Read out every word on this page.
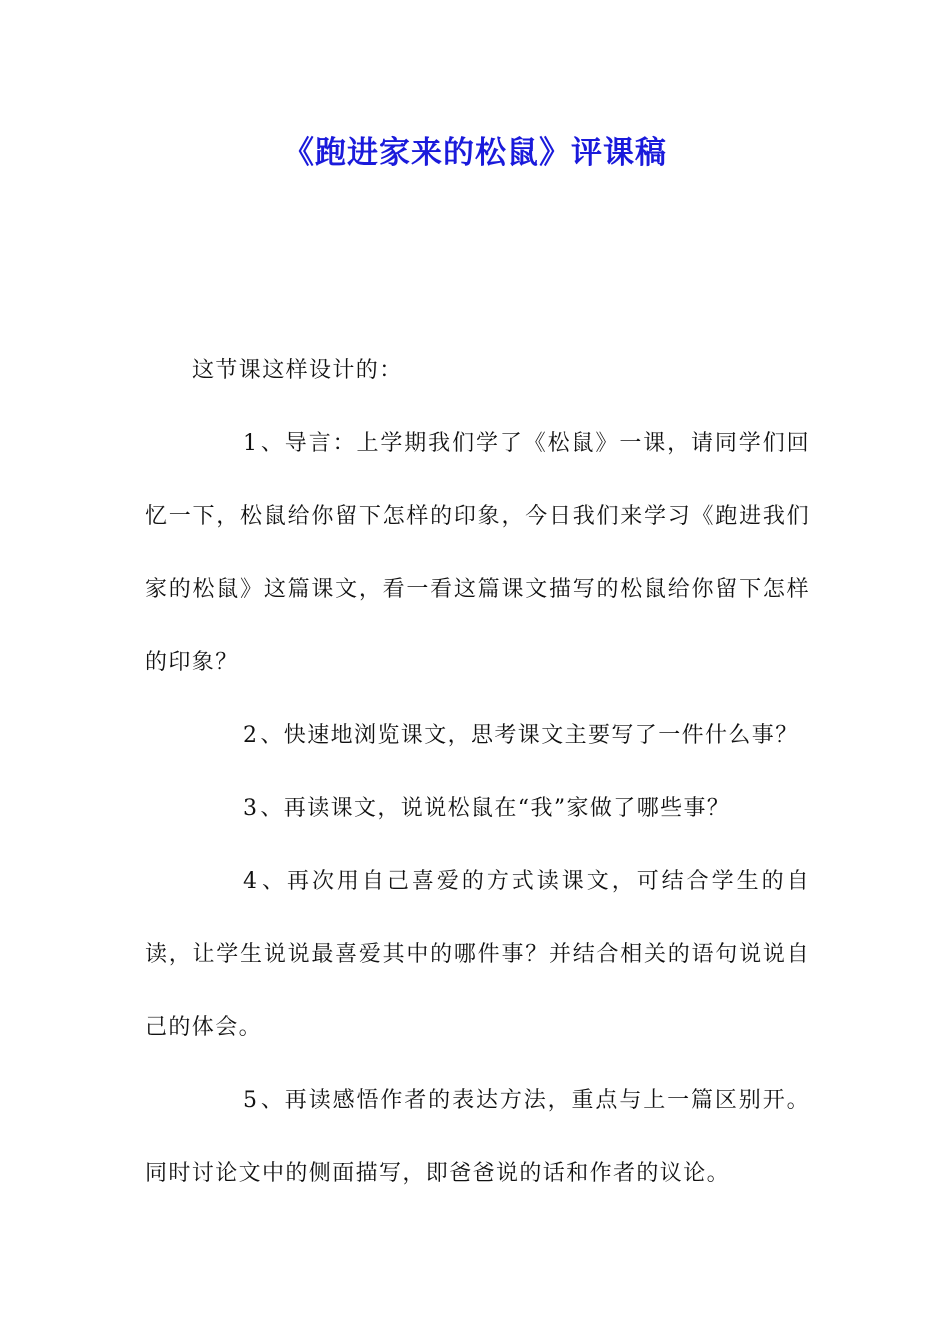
《跑进家来的松鼠》评课稿

这节课这样设计的：

1、导言：上学期我们学了《松鼠》一课，请同学们回忆一下，松鼠给你留下怎样的印象，今日我们来学习《跑进我们家的松鼠》这篇课文，看一看这篇课文描写的松鼠给你留下怎样的印象？

2、快速地浏览课文，思考课文主要写了一件什么事？

3、再读课文，说说松鼠在“我”家做了哪些事？

4、再次用自己喜爱的方式读课文，可结合学生的自读，让学生说说最喜爱其中的哪件事？并结合相关的语句说说自己的体会。

5、再读感悟作者的表达方法，重点与上一篇区别开。同时讨论文中的侧面描写，即爸爸说的话和作者的议论。
